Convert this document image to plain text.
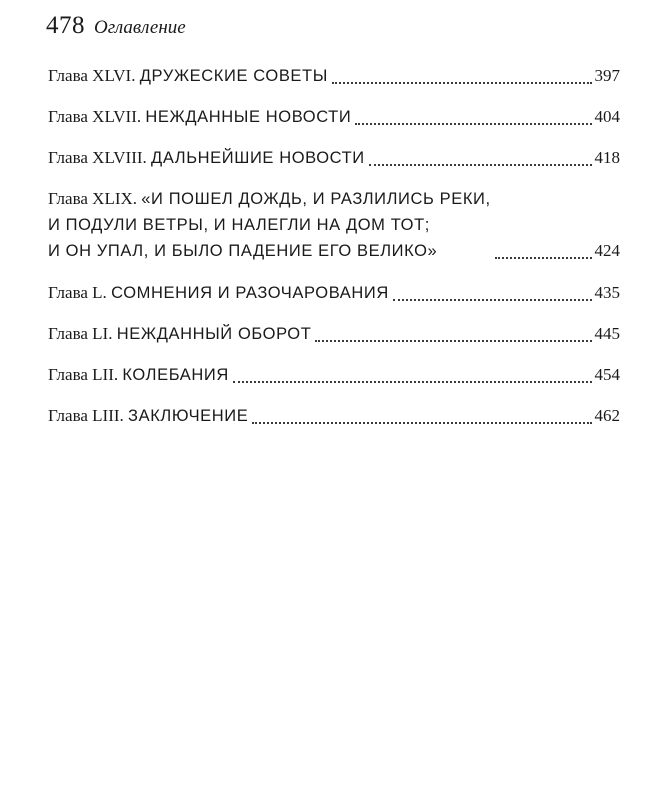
478 Оглавление
Глава XLVI. ДРУЖЕСКИЕ СОВЕТЫ	397
Глава XLVII. НЕЖДАННЫЕ НОВОСТИ	404
Глава XLVIII. ДАЛЬНЕЙШИЕ НОВОСТИ	418
Глава XLIX. «И ПОШЕЛ ДОЖДЬ, И РАЗЛИЛИСЬ РЕКИ,
И ПОДУЛИ ВЕТРЫ, И НАЛЕГЛИ НА ДОМ ТОТ;
И ОН УПАЛ, И БЫЛО ПАДЕНИЕ ЕГО ВЕЛИКО»	424
Глава L. СОМНЕНИЯ И РАЗОЧАРОВАНИЯ	435
Глава LI. НЕЖДАННЫЙ ОБОРОТ	445
Глава LII. КОЛЕБАНИЯ	454
Глава LIII. ЗАКЛЮЧЕНИЕ	462
